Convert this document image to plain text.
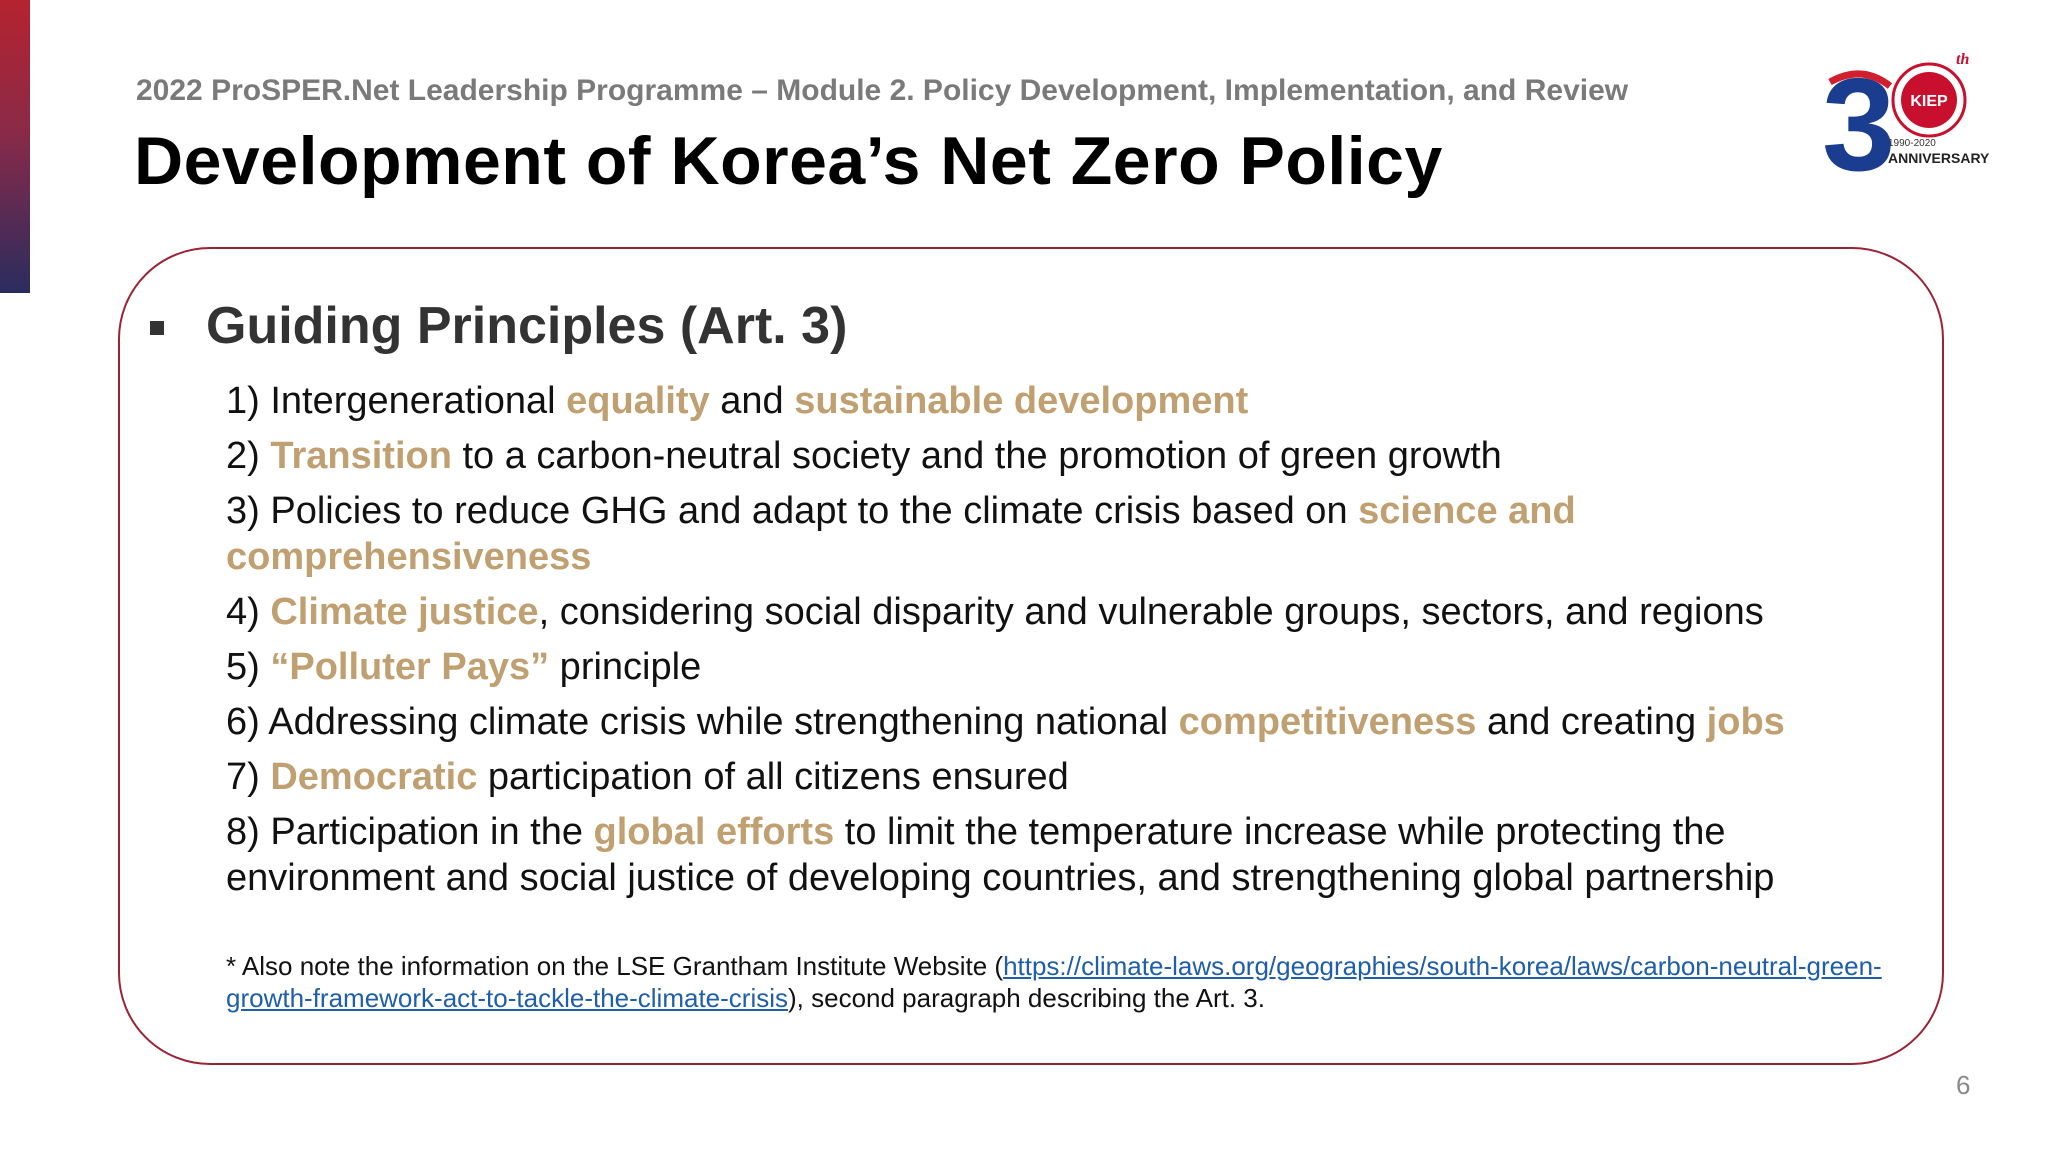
2022 ProSPER.Net Leadership Programme – Module 2. Policy Development, Implementation, and Review
Development of Korea’s Net Zero Policy	3	th
KIEP
1990-2020
ANNIVERSARY
Guiding Principles (Art. 3)
1) Intergenerational equality and sustainable development
2) Transition to a carbon-neutral society and the promotion of green growth
3) Policies to reduce GHG and adapt to the climate crisis based on science and comprehensiveness
4) Climate justice, considering social disparity and vulnerable groups, sectors, and regions
5) “Polluter Pays” principle
6) Addressing climate crisis while strengthening national competitiveness and creating jobs
7) Democratic participation of all citizens ensured
8) Participation in the global efforts to limit the temperature increase while protecting the environment and social justice of developing countries, and strengthening global partnership
* Also note the information on the LSE Grantham Institute Website (https://climate-laws.org/geographies/south-korea/laws/carbon-neutral-green-growth-framework-act-to-tackle-the-climate-crisis), second paragraph describing the Art. 3.
6
